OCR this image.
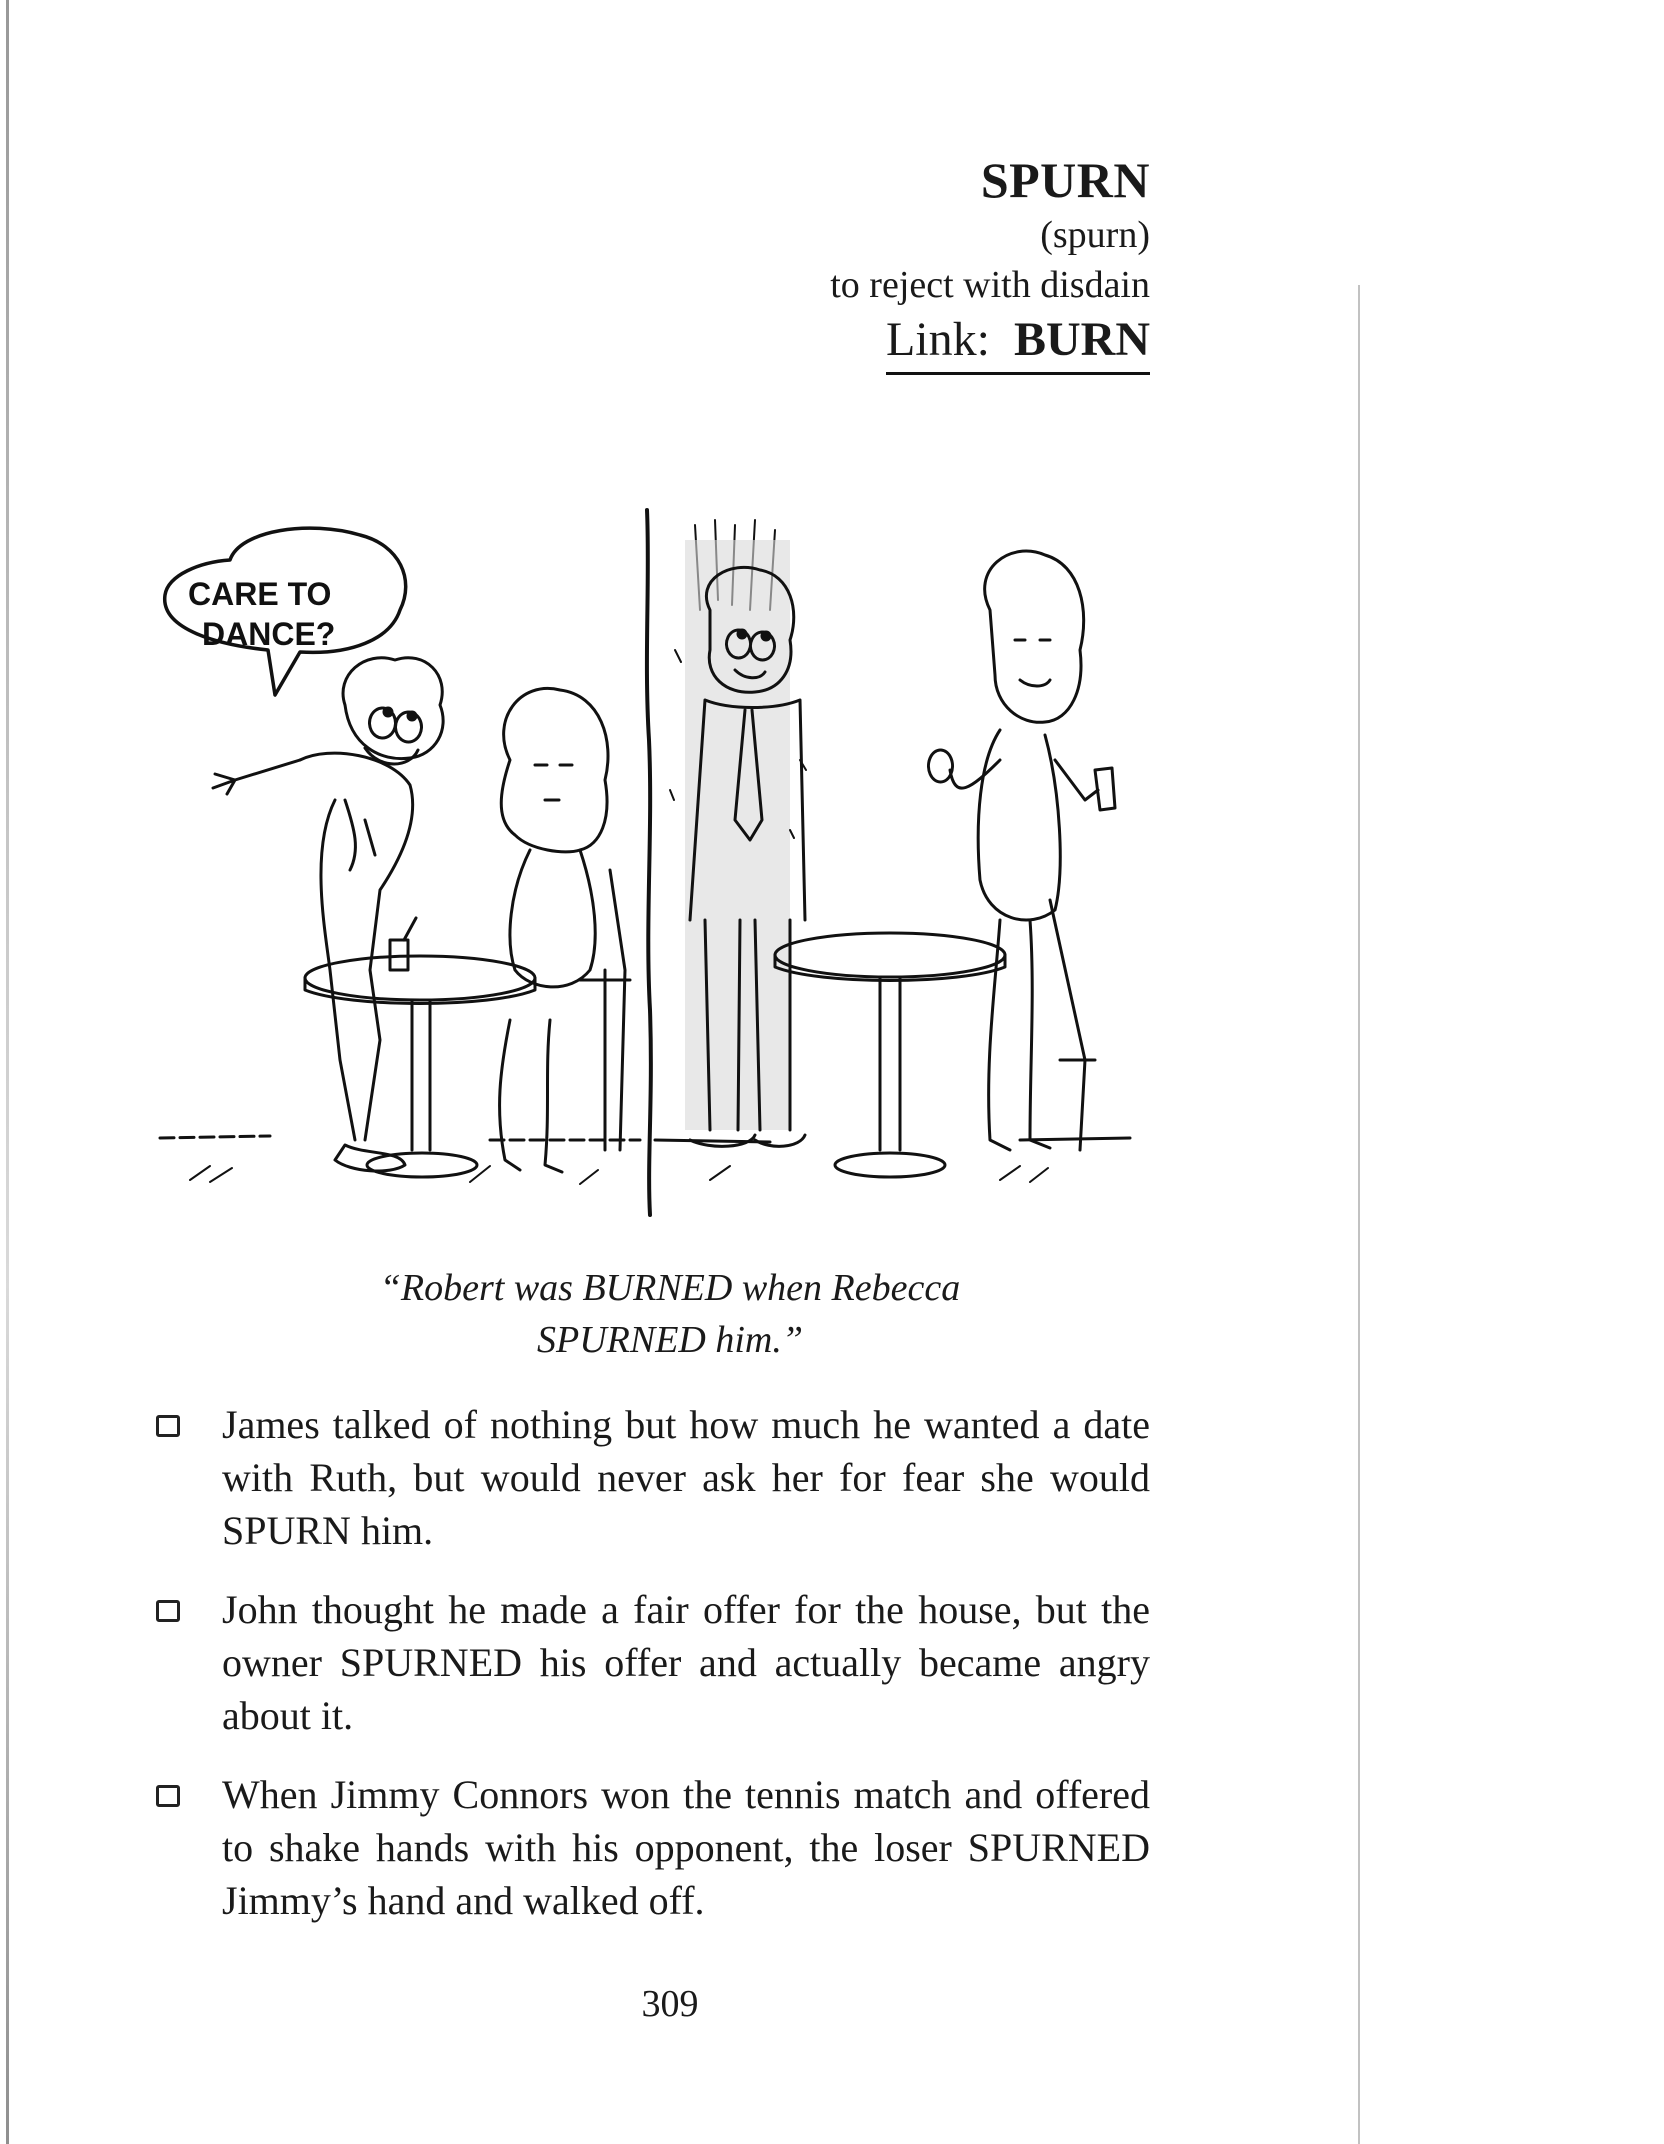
SPURN
(spurn)
to reject with disdain
Link: BURN
CARE TO
DANCE?
“Robert was BURNED when Rebecca
SPURNED him.”
James talked of nothing but how much he wanted a date with Ruth, but would never ask her for fear she would SPURN him.
John thought he made a fair offer for the house, but the owner SPURNED his offer and actually became angry about it.
When Jimmy Connors won the tennis match and offered to shake hands with his opponent, the loser SPURNED Jimmy’s hand and walked off.
309
